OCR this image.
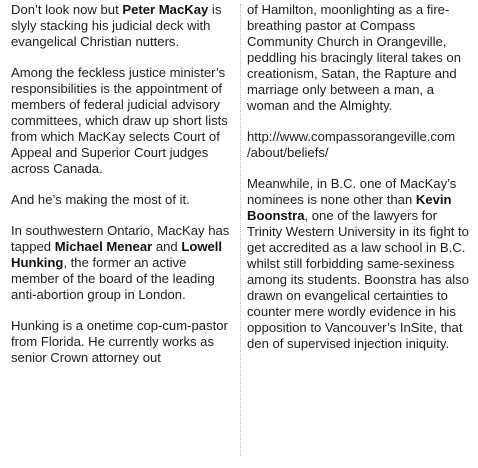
Don’t look now but Peter MacKay is slyly stacking his judicial deck with evangelical Christian nutters.

Among the feckless justice minister’s responsibilities is the appointment of members of federal judicial advisory committees, which draw up short lists from which MacKay selects Court of Appeal and Superior Court judges across Canada.

And he’s making the most of it.

In southwestern Ontario, MacKay has tapped Michael Menear and Lowell Hunking, the former an active member of the board of the leading anti-abortion group in London.

Hunking is a onetime cop-cum-pastor from Florida. He currently works as senior Crown attorney out

of Hamilton, moonlighting as a fire-breathing pastor at Compass Community Church in Orangeville, peddling his bracingly literal takes on creationism, Satan, the Rapture and marriage only between a man, a woman and the Almighty.

http://www.compassorangeville.com
/about/beliefs/

Meanwhile, in B.C. one of MacKay’s nominees is none other than Kevin Boonstra, one of the lawyers for Trinity Western University in its fight to get accredited as a law school in B.C. whilst still forbidding same-sexiness among its students. Boonstra has also drawn on evangelical certainties to counter mere wordly evidence in his opposition to Vancouver’s InSite, that den of supervised injection iniquity.
